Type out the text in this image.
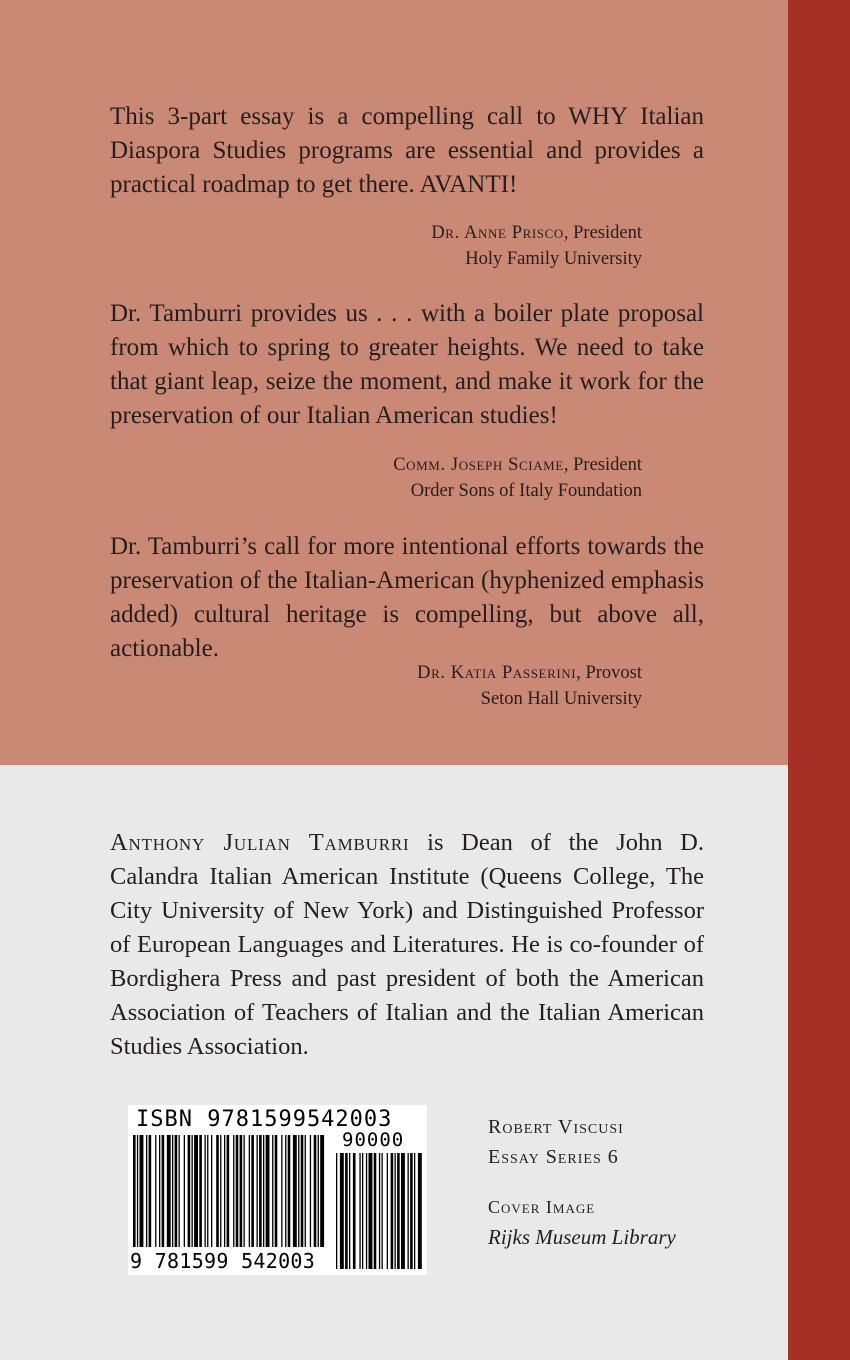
This 3-part essay is a compelling call to WHY Italian Diaspora Studies programs are essential and provides a practical roadmap to get there. AVANTI!

Dr. Anne Prisco, President
Holy Family University

Dr. Tamburri provides us . . . with a boiler plate proposal from which to spring to greater heights. We need to take that giant leap, seize the moment, and make it work for the preservation of our Italian American studies!

Comm. Joseph Sciame, President
Order Sons of Italy Foundation

Dr. Tamburri’s call for more intentional efforts towards the preservation of the Italian-American (hyphenized emphasis added) cultural heritage is compelling, but above all, actionable.

Dr. Katia Passerini, Provost
Seton Hall University
Anthony Julian Tamburri is Dean of the John D. Calandra Italian American Institute (Queens College, The City University of New York) and Distinguished Professor of European Languages and Literatures. He is co-founder of Bordighera Press and past president of both the American Association of Teachers of Italian and the Italian American Studies Association.
ISBN 9781599542003
90000
9 781599 542003
Robert Viscusi
Essay Series 6
Cover Image
Rijks Museum Library
